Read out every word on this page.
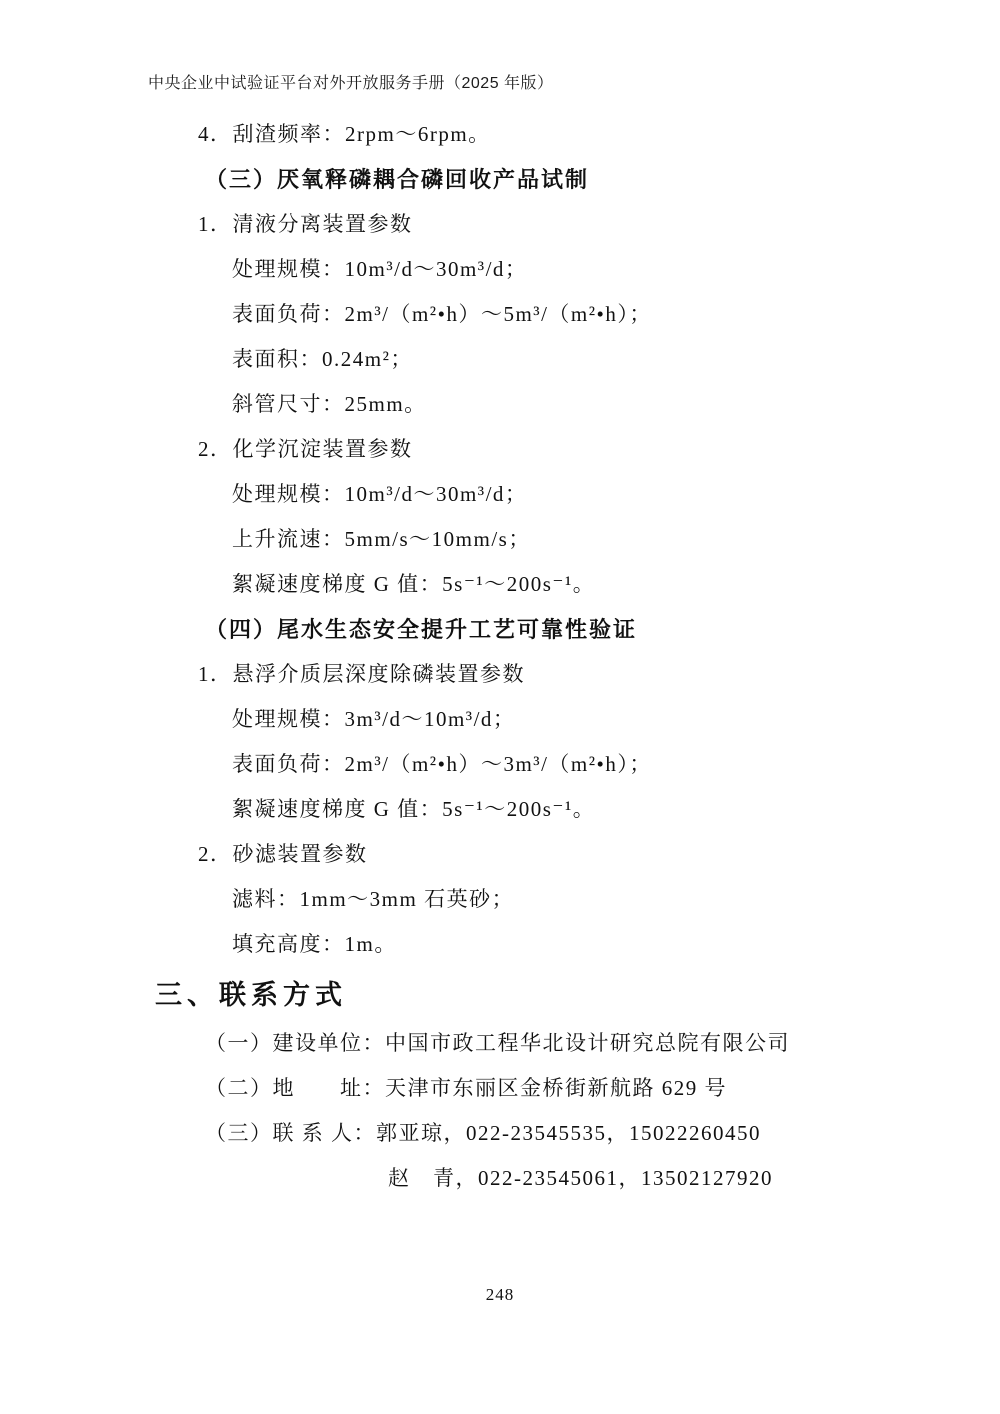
中央企业中试验证平台对外开放服务手册（2025 年版）
4．刮渣频率：2rpm～6rpm。
（三）厌氧释磷耦合磷回收产品试制
1．清液分离装置参数
处理规模：10m³/d～30m³/d；
表面负荷：2m³/（m²•h）～5m³/（m²•h）；
表面积：0.24m²；
斜管尺寸：25mm。
2．化学沉淀装置参数
处理规模：10m³/d～30m³/d；
上升流速：5mm/s～10mm/s；
絮凝速度梯度 G 值：5s⁻¹～200s⁻¹。
（四）尾水生态安全提升工艺可靠性验证
1．悬浮介质层深度除磷装置参数
处理规模：3m³/d～10m³/d；
表面负荷：2m³/（m²•h）～3m³/（m²•h）；
絮凝速度梯度 G 值：5s⁻¹～200s⁻¹。
2．砂滤装置参数
滤料：1mm～3mm 石英砂；
填充高度：1m。
三、联系方式
（一）建设单位：中国市政工程华北设计研究总院有限公司
（二）地　　址：天津市东丽区金桥街新航路 629 号
（三）联 系 人：郭亚琼，022-23545535，15022260450
赵　青，022-23545061，13502127920
248
